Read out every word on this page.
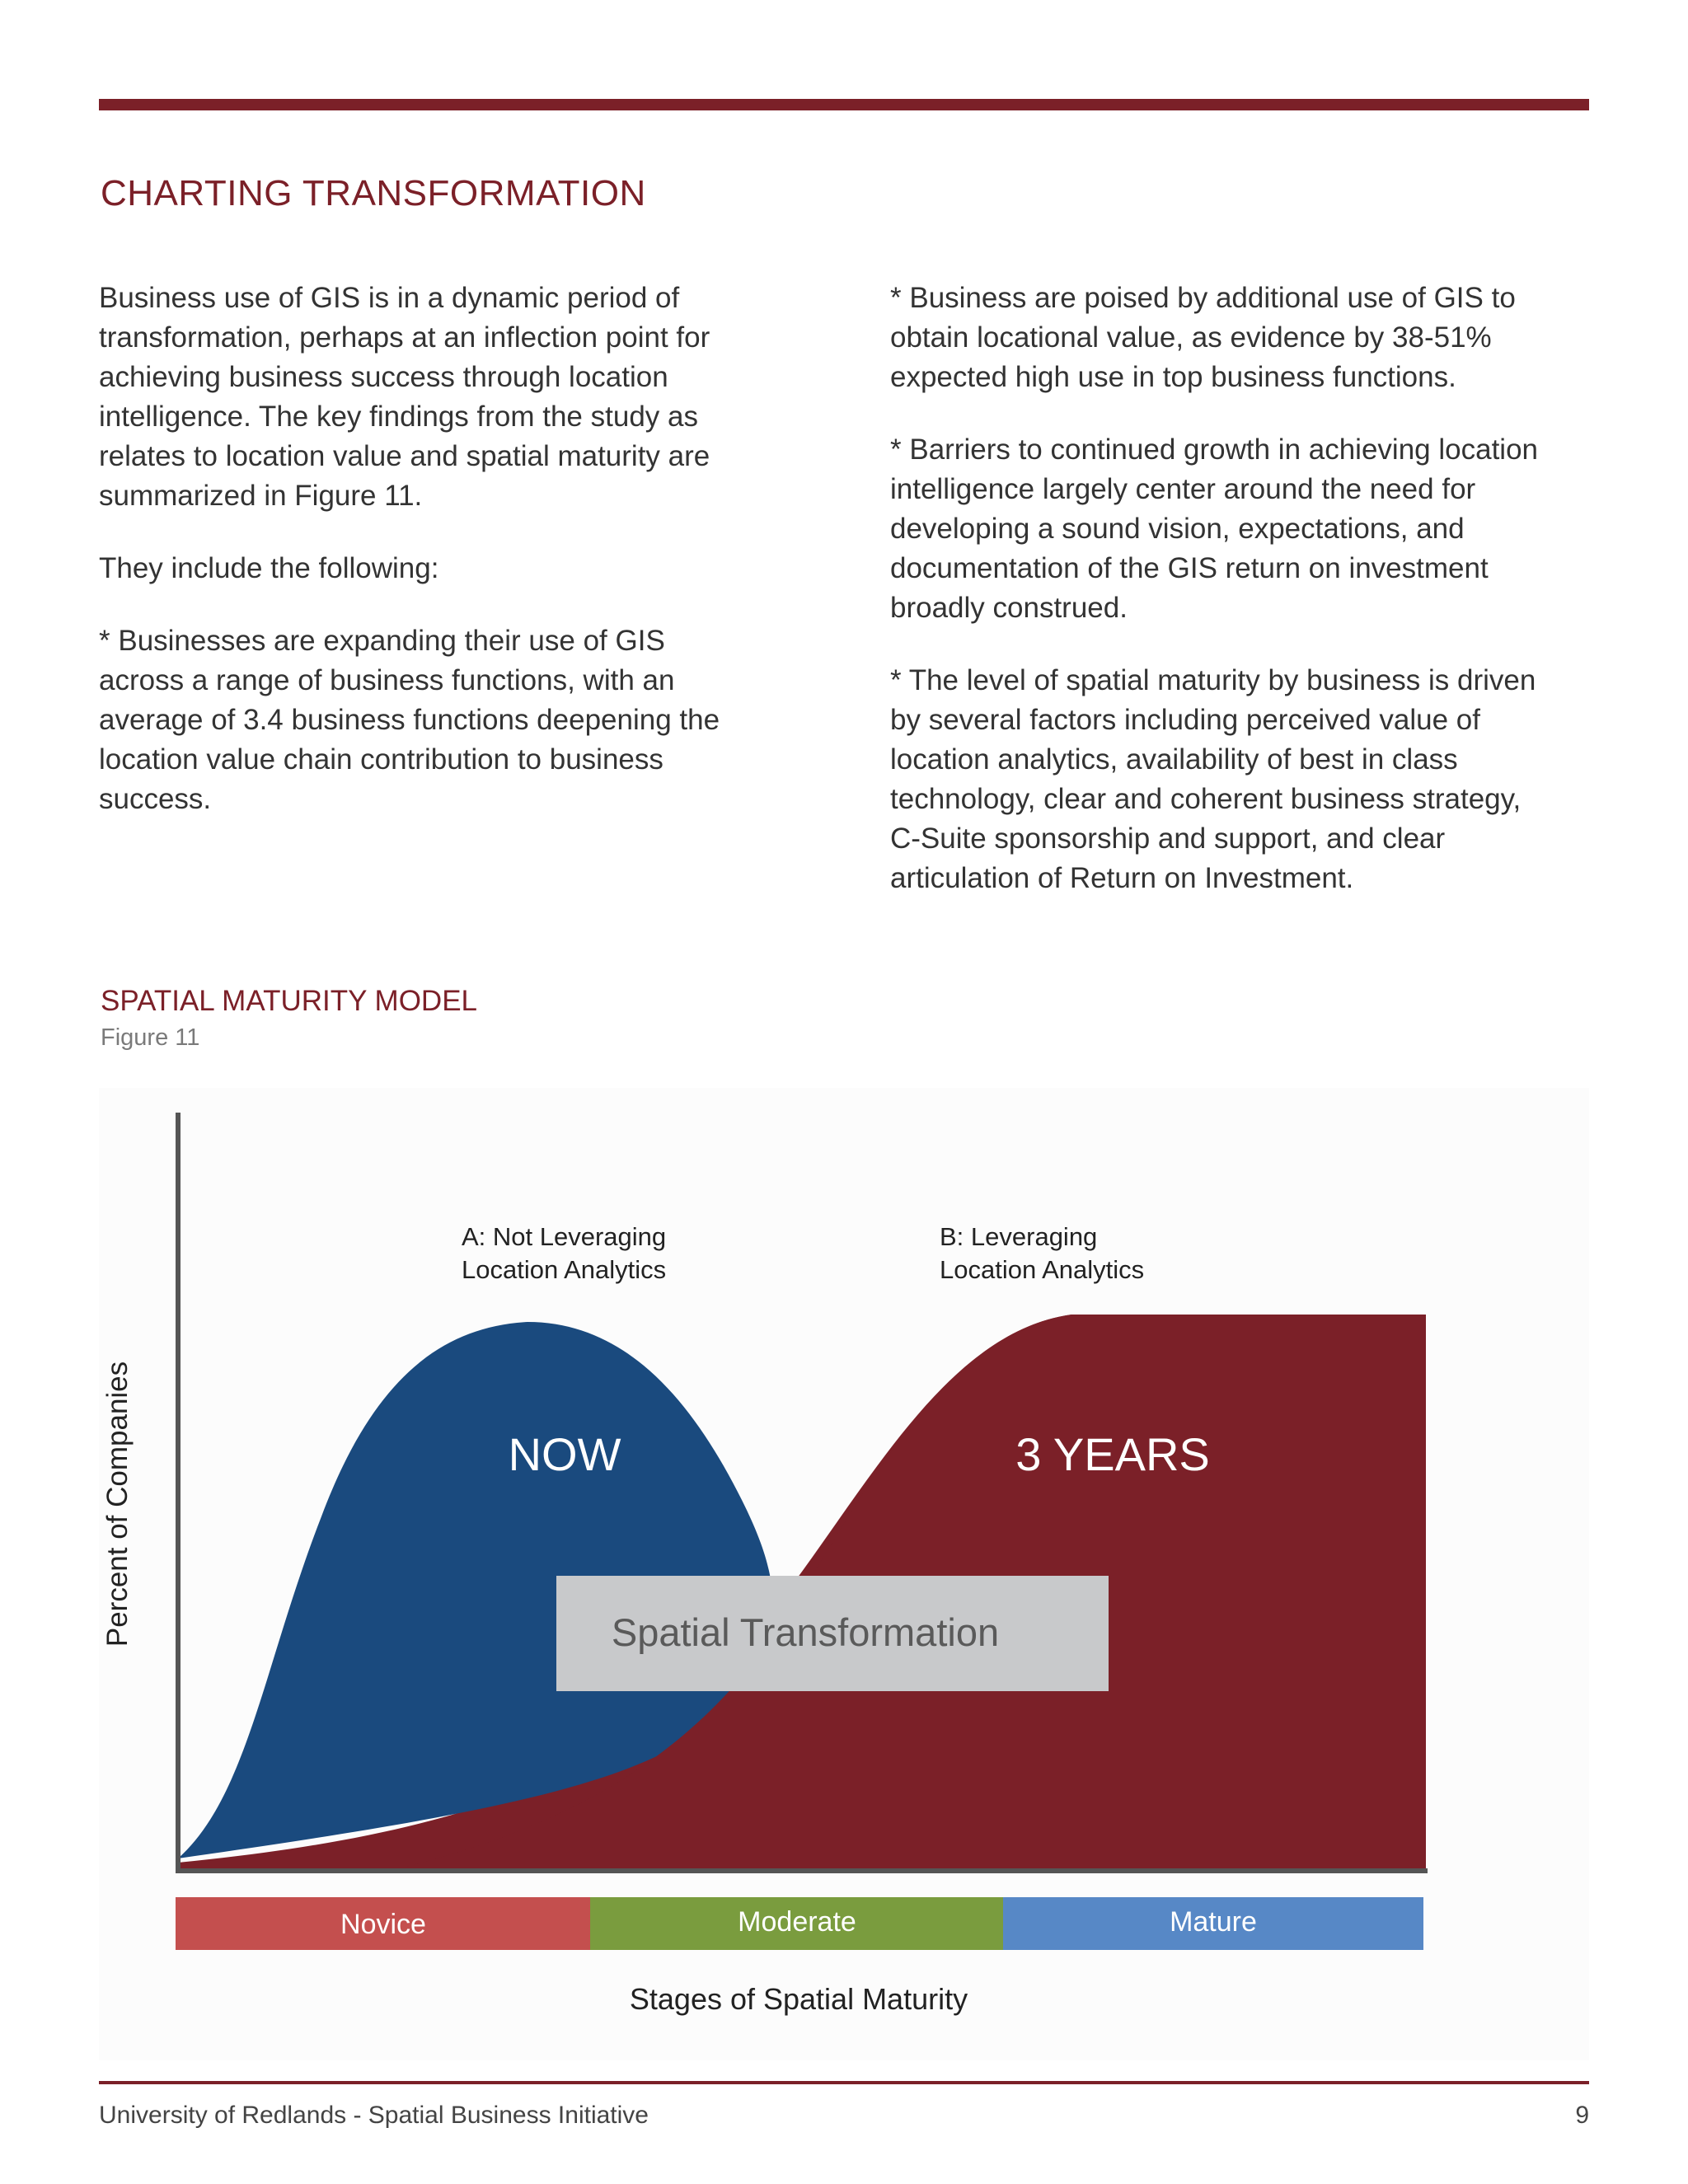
CHARTING TRANSFORMATION

Business use of GIS is in a dynamic period of transformation, perhaps at an inflection point for achieving business success through location intelligence. The key findings from the study as relates to location value and spatial maturity are summarized in Figure 11.

They include the following:

* Businesses are expanding their use of GIS across a range of business functions, with an average of 3.4 business functions deepening the location value chain contribution to business success.

* Business are poised by additional use of GIS to obtain locational value, as evidence by 38-51% expected high use in top business functions.

* Barriers to continued growth in achieving location intelligence largely center around the need for developing a sound vision, expectations, and documentation of the GIS return on investment broadly construed.

* The level of spatial maturity by business is driven by several factors including perceived value of location analytics, availability of best in class technology, clear and coherent business strategy, C-Suite sponsorship and support, and clear articulation of Return on Investment.

SPATIAL MATURITY MODEL
Figure 11
Spatial Transformation
NOW	3 YEARS
A: Not Leveraging
Location Analytics
B: Leveraging
Location Analytics
Percent of Companies
Novice	Moderate	Mature
Stages of Spatial Maturity
University of Redlands - Spatial Business Initiative	9
